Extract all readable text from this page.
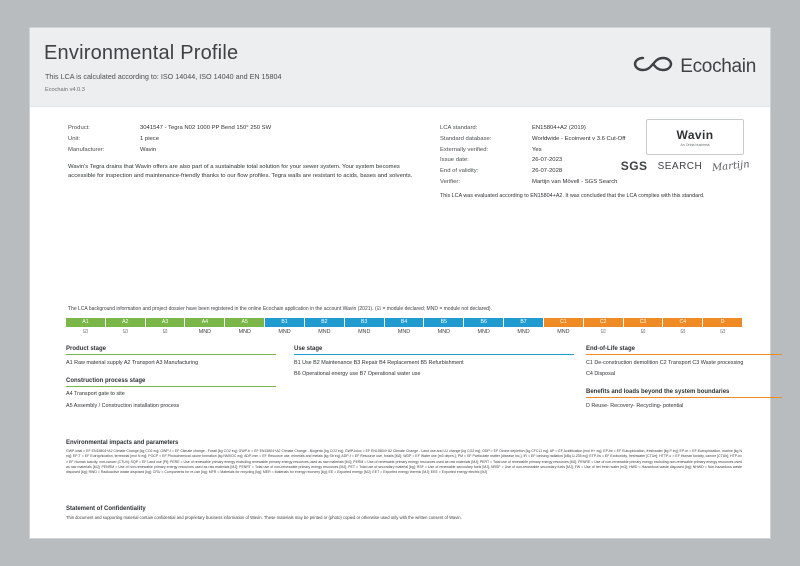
Environmental Profile
This LCA is calculated according to: ISO 14044, ISO 14040 and EN 15804
Ecochain v4.0.3
Ecochain
Product:	3041547 - Tegra N02 1000 PP Bend 150° 250 SW
Unit:	1 piece
Manufacturer:	Wavin
LCA standard:	EN15804+A2 (2019)
Standard database:	Worldwide - Ecoinvent v 3.6 Cut-Off
Externally verified:	Yes
Issue date:	26-07-2023
End of validity:	26-07-2028
Verifier:	Martijn van Mövell - SGS Search
Wavin's Tegra drains that Wavin offers are also part of a sustainable total solution for your sewer system. Your system becomes accessible for inspection and maintenance-friendly thanks to our flow profiles. Tegra walls are resistant to acids, bases and solvents.
Wavin
An Orbia business
SGS SEARCH Martijn
This LCA was evaluated according to EN15804+A2. It was concluded that the LCA complies with this standard.
The LCA background information and project dossier have been registered in the online Ecochain application in the account Wavin (2021). (☑ = module declared; MND = module not declared).
A1	A2	A3	A4	A5	B1	B2	B3	B4	B5	B6	B7	C1	C2	C3	C4	D
☑	☑	☑	MND	MND	MND	MND	MND	MND	MND	MND	MND	MND	☑	☑	☑	☑
Product stage
A1 Raw material supply A2 Transport A3 Manufacturing
Construction process stage
A4 Transport gate to site
A5 Assembly / Construction installation process
Use stage
B1 Use B2 Maintenance B3 Repair B4 Replacement B5 Refurbishment
B6 Operational energy use B7 Operational water use
End-of-Life stage
C1 De-construction demolition C2 Transport C3 Waste processing
C4 Disposal
Benefits and loads beyond the system boundaries
D Reuse- Recovery- Recycling- potential
Environmental impacts and parameters

GWP-total = EF EN15804+A2 Climate Change [kg CO2 eq]; GWP-f = EF Climate change - Fossil [kg CO2 eq]; GWP-b = EF EN15804+A2 Climate Change - Biogenic [kg CO2 eq]; GWP-luluc = EF EN15804+A2 Climate Change - Land use and LU change [kg CO2 eq]; ODP = EF Ozone depletion [kg CFC11 eq]; AP = EF Acidification [mol H+ eq]; EP-fw = EF Eutrophication, freshwater [kg P eq]; EP-m = EF Eutrophication, marine [kg N eq]; EP-T = EF Eutrophication, terrestrial [mol N eq]; POCP = EF Photochemical ozone formation [kg NMVOC eq]; ADP-mm = EF Resource use, minerals and metals [kg Sb eq]; ADP-f = EF Resource use, fossils [MJ]; WDP = EF Water use [m3 depriv.]; PM = EF Particulate matter [disease inc.]; IR = EF Ionising radiation [kBq U-235 eq]; ETP-fw = EF Ecotoxicity, freshwater [CTUe]; HTTP-c = EF Human toxicity, cancer [CTUh]; HTP-nc = EF Human toxicity, non-cancer [CTUh]; SQP = EF Land use [Pt]; PERE = Use of renewable primary energy excluding renewable primary energy resources used as raw materials [MJ]; PERM = Use of renewable primary energy resources used as raw materials [MJ]; PERT = Total use of renewable primary energy resources [MJ]; PENRE = Use of non-renewable primary energy excluding non-renewable primary energy resources used as raw materials [MJ]; PENRM = Use of non-renewable primary energy resources used as raw materials [MJ]; PENRT = Total use of non-renewable primary energy resources [MJ]; PET = Total use of secondary material [kg]; RSF = Use of renewable secondary fuels [MJ]; NRSF = Use of non-renewable secondary fuels [MJ]; FW = Use of net fresh water [m3]; HWD = Hazardous waste disposed [kg]; NHWD = Non-hazardous waste disposed [kg]; RWD = Radioactive waste disposed [kg]; CRU = Components for re-use [kg]; MFR = Materials for recycling [kg]; MER = Materials for energy recovery [kg]; EE = Exported energy [MJ]; EET = Exported energy thermic [MJ]; EEE = Exported energy electric [MJ]

Statement of Confidentiality

This document and supporting material contain confidential and proprietary business information of Wavin. These materials may be printed or (photo) copied or otherwise used only with the written consent of Wavin.
